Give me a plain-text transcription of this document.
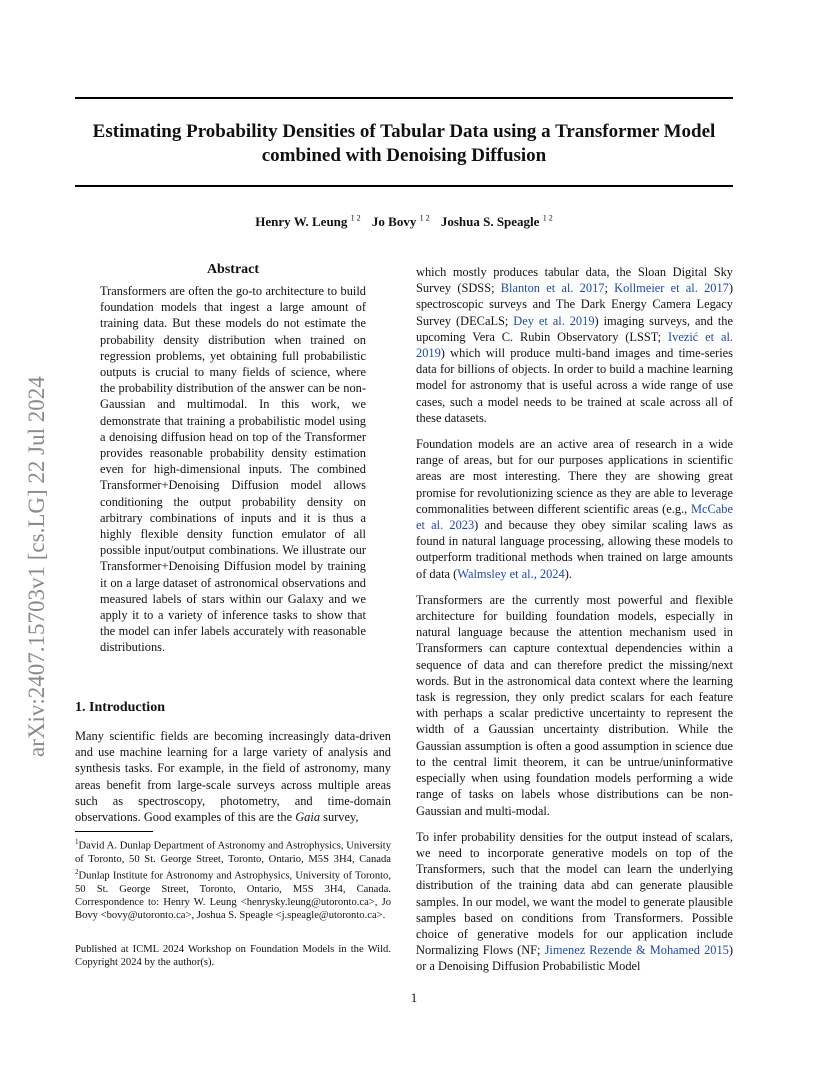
Estimating Probability Densities of Tabular Data using a Transformer Model
combined with Denoising Diffusion
Henry W. Leung $^{1 2}$ Jo Bovy $^{1 2}$ Joshua S. Speagle $^{1 2}$
arXiv:2407.15703v1 [cs.LG] 22 Jul 2024
Abstract
Transformers are often the go-to architecture to build foundation models that ingest a large amount of training data. But these models do not estimate the probability density distribution when trained on regression problems, yet obtaining full probabilistic outputs is crucial to many fields of science, where the probability distribution of the answer can be non-Gaussian and multimodal. In this work, we demonstrate that training a probabilistic model using a denoising diffusion head on top of the Transformer provides reasonable probability density estimation even for high-dimensional inputs. The combined Transformer+Denoising Diffusion model allows conditioning the output probability density on arbitrary combinations of inputs and it is thus a highly flexible density function emulator of all possible input/output combinations. We illustrate our Transformer+Denoising Diffusion model by training it on a large dataset of astronomical observations and measured labels of stars within our Galaxy and we apply it to a variety of inference tasks to show that the model can infer labels accurately with reasonable distributions.
1. Introduction
Many scientific fields are becoming increasingly data-driven and use machine learning for a large variety of analysis and synthesis tasks. For example, in the field of astronomy, many areas benefit from large-scale surveys across multiple areas such as spectroscopy, photometry, and time-domain observations. Good examples of this are the Gaia survey,
$^1$David A. Dunlap Department of Astronomy and Astrophysics, University of Toronto, 50 St. George Street, Toronto, Ontario, M5S 3H4, Canada $^2$Dunlap Institute for Astronomy and Astrophysics, University of Toronto, 50 St. George Street, Toronto, Ontario, M5S 3H4, Canada. Correspondence to: Henry W. Leung <henrysky.leung@utoronto.ca>, Jo Bovy <bovy@utoronto.ca>, Joshua S. Speagle <j.speagle@utoronto.ca>.
Published at ICML 2024 Workshop on Foundation Models in the Wild. Copyright 2024 by the author(s).

which mostly produces tabular data, the Sloan Digital Sky Survey (SDSS; Blanton et al. 2017; Kollmeier et al. 2017) spectroscopic surveys and The Dark Energy Camera Legacy Survey (DECaLS; Dey et al. 2019) imaging surveys, and the upcoming Vera C. Rubin Observatory (LSST; Ivezić et al. 2019) which will produce multi-band images and time-series data for billions of objects. In order to build a machine learning model for astronomy that is useful across a wide range of use cases, such a model needs to be trained at scale across all of these datasets.

Foundation models are an active area of research in a wide range of areas, but for our purposes applications in scientific areas are most interesting. There they are showing great promise for revolutionizing science as they are able to leverage commonalities between different scientific areas (e.g., McCabe et al. 2023) and because they obey similar scaling laws as found in natural language processing, allowing these models to outperform traditional methods when trained on large amounts of data (Walmsley et al., 2024).

Transformers are the currently most powerful and flexible architecture for building foundation models, especially in natural language because the attention mechanism used in Transformers can capture contextual dependencies within a sequence of data and can therefore predict the missing/next words. But in the astronomical data context where the learning task is regression, they only predict scalars for each feature with perhaps a scalar predictive uncertainty to represent the width of a Gaussian uncertainty distribution. While the Gaussian assumption is often a good assumption in science due to the central limit theorem, it can be untrue/uninformative especially when using foundation models performing a wide range of tasks on labels whose distributions can be non-Gaussian and multi-modal.

To infer probability densities for the output instead of scalars, we need to incorporate generative models on top of the Transformers, such that the model can learn the underlying distribution of the training data abd can generate plausible samples. In our model, we want the model to generate plausible samples based on conditions from Transformers. Possible choice of generative models for our application include Normalizing Flows (NF; Jimenez Rezende & Mohamed 2015) or a Denoising Diffusion Probabilistic Model

1
